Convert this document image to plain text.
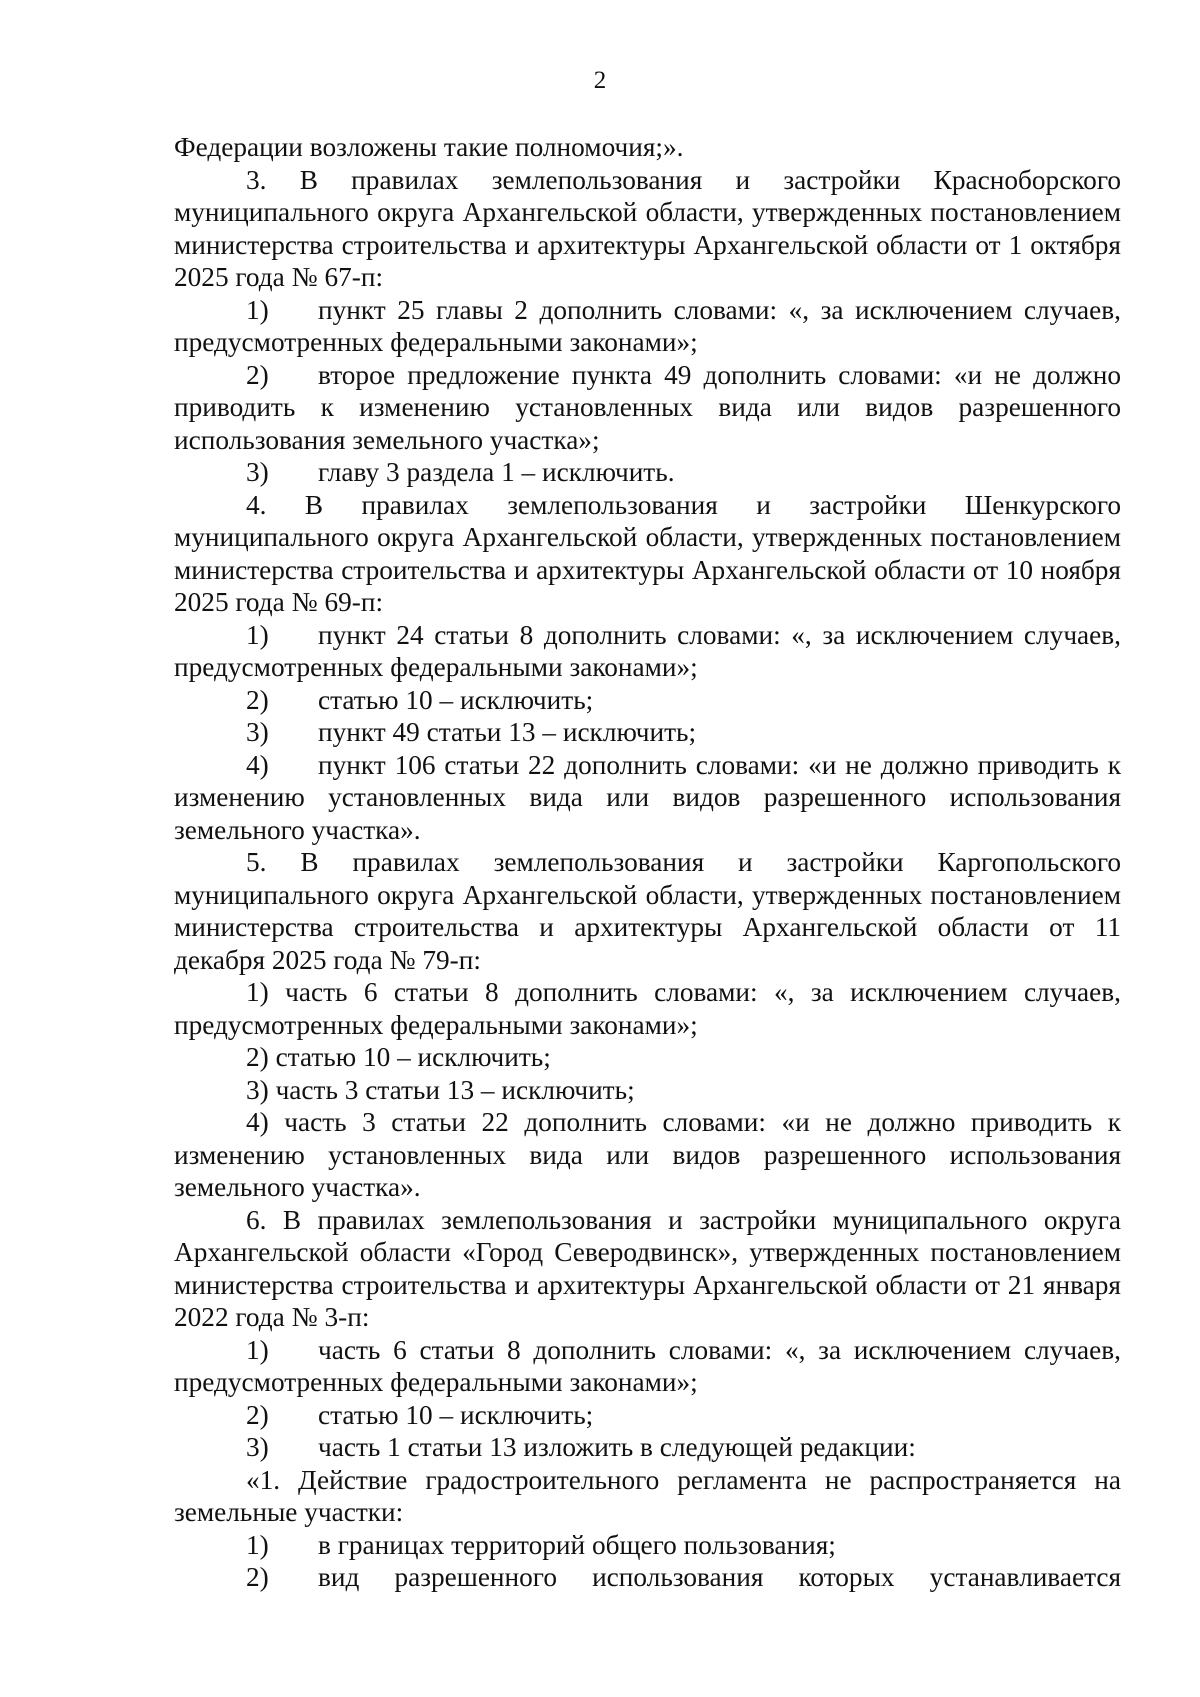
2

Федерации возложены такие полномочия;».

3. В правилах землепользования и застройки Красноборского муниципального округа Архангельской области, утвержденных постановлением министерства строительства и архитектуры Архангельской области от 1 октября 2025 года № 67-п:

1) пункт 25 главы 2 дополнить словами: «, за исключением случаев, предусмотренных федеральными законами»;

2) второе предложение пункта 49 дополнить словами: «и не должно приводить к изменению установленных вида или видов разрешенного использования земельного участка»;

3) главу 3 раздела 1 – исключить.

4. В правилах землепользования и застройки Шенкурского муниципального округа Архангельской области, утвержденных постановлением министерства строительства и архитектуры Архангельской области от 10 ноября 2025 года № 69-п:

1) пункт 24 статьи 8 дополнить словами: «, за исключением случаев, предусмотренных федеральными законами»;

2) статью 10 – исключить;

3) пункт 49 статьи 13 – исключить;

4) пункт 106 статьи 22 дополнить словами: «и не должно приводить к изменению установленных вида или видов разрешенного использования земельного участка».

5. В правилах землепользования и застройки Каргопольского муниципального округа Архангельской области, утвержденных постановлением министерства строительства и архитектуры Архангельской области от 11 декабря 2025 года № 79-п:

1) часть 6 статьи 8 дополнить словами: «, за исключением случаев, предусмотренных федеральными законами»;

2) статью 10 – исключить;

3) часть 3 статьи 13 – исключить;

4) часть 3 статьи 22 дополнить словами: «и не должно приводить к изменению установленных вида или видов разрешенного использования земельного участка».

6. В правилах землепользования и застройки муниципального округа Архангельской области «Город Северодвинск», утвержденных постановлением министерства строительства и архитектуры Архангельской области от 21 января 2022 года № 3-п:

1) часть 6 статьи 8 дополнить словами: «, за исключением случаев, предусмотренных федеральными законами»;

2) статью 10 – исключить;

3) часть 1 статьи 13 изложить в следующей редакции:

«1. Действие градостроительного регламента не распространяется на земельные участки:

1) в границах территорий общего пользования;

2) вид разрешенного использования которых устанавливается
